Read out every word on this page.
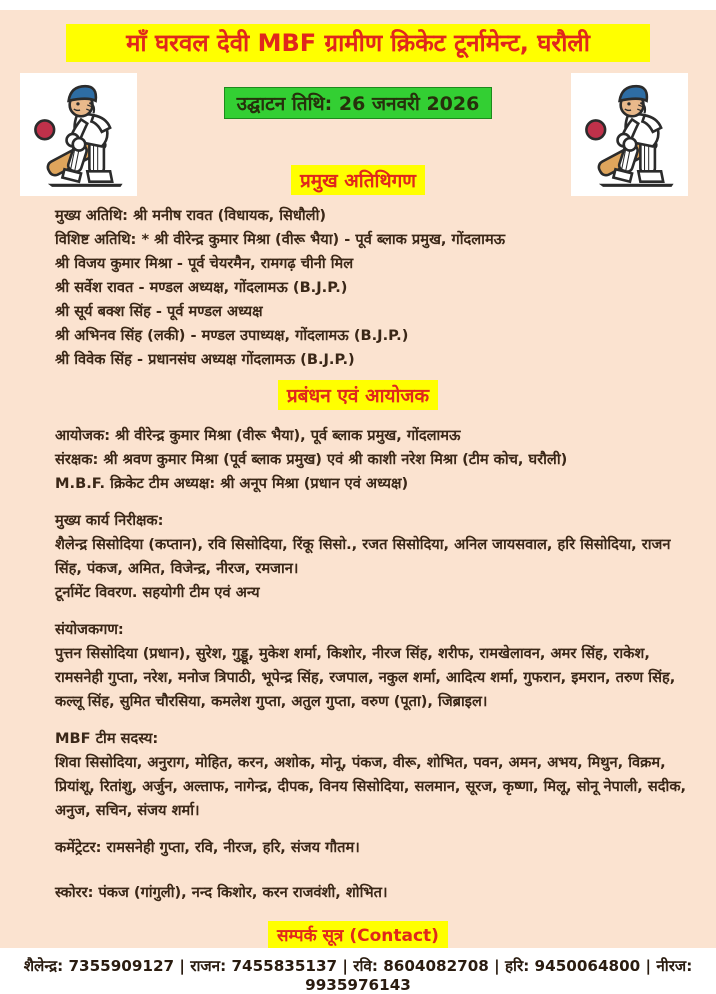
माँ घरवल देवी MBF ग्रामीण क्रिकेट टूर्नामेन्ट, घरौली
उद्घाटन तिथि: 26 जनवरी 2026
प्रमुख अतिथिगण
मुख्य अतिथि: श्री मनीष रावत (विधायक, सिधौली)
विशिष्ट अतिथि: * श्री वीरेन्द्र कुमार मिश्रा (वीरू भैया) - पूर्व ब्लाक प्रमुख, गोंदलामऊ
श्री विजय कुमार मिश्रा - पूर्व चेयरमैन, रामगढ़ चीनी मिल
श्री सर्वेश रावत - मण्डल अध्यक्ष, गोंदलामऊ (B.J.P.)
श्री सूर्य बक्श सिंह - पूर्व मण्डल अध्यक्ष
श्री अभिनव सिंह (लकी) - मण्डल उपाध्यक्ष, गोंदलामऊ (B.J.P.)
श्री विवेक सिंह - प्रधानसंघ अध्यक्ष गोंदलामऊ (B.J.P.)
प्रबंधन एवं आयोजक
आयोजक: श्री वीरेन्द्र कुमार मिश्रा (वीरू भैया), पूर्व ब्लाक प्रमुख, गोंदलामऊ
संरक्षक: श्री श्रवण कुमार मिश्रा (पूर्व ब्लाक प्रमुख) एवं श्री काशी नरेश मिश्रा (टीम कोच, घरौली)
M.B.F. क्रिकेट टीम अध्यक्ष: श्री अनूप मिश्रा (प्रधान एवं अध्यक्ष)
मुख्य कार्य निरीक्षक:
शैलेन्द्र सिसोदिया (कप्तान), रवि सिसोदिया, रिंकू सिसो., रजत सिसोदिया, अनिल जायसवाल, हरि सिसोदिया, राजन सिंह, पंकज, अमित, विजेन्द्र, नीरज, रमजान।
टूर्नामेंट विवरण. सहयोगी टीम एवं अन्य
संयोजकगण:
पुत्तन सिसोदिया (प्रधान), सुरेश, गुड्डू, मुकेश शर्मा, किशोर, नीरज सिंह, शरीफ, रामखेलावन, अमर सिंह, राकेश, रामसनेही गुप्ता, नरेश, मनोज त्रिपाठी, भूपेन्द्र सिंह, रजपाल, नकुल शर्मा, आदित्य शर्मा, गुफरान, इमरान, तरुण सिंह, कल्लू सिंह, सुमित चौरसिया, कमलेश गुप्ता, अतुल गुप्ता, वरुण (पूता), जिब्राइल।
MBF टीम सदस्य:
शिवा सिसोदिया, अनुराग, मोहित, करन, अशोक, मोनू, पंकज, वीरू, शोभित, पवन, अमन, अभय, मिथुन, विक्रम, प्रियांशू, रितांशु, अर्जुन, अल्ताफ, नागेन्द्र, दीपक, विनय सिसोदिया, सलमान, सूरज, कृष्णा, मिलू, सोनू नेपाली, सदीक, अनुज, सचिन, संजय शर्मा।
कमेंट्रेटर: रामसनेही गुप्ता, रवि, नीरज, हरि, संजय गौतम।
स्कोरर: पंकज (गांगुली), नन्द किशोर, करन राजवंशी, शोभित।
सम्पर्क सूत्र (Contact)
शैलेन्द्र: 7355909127 | राजन: 7455835137 | रवि: 8604082708 | हरि: 9450064800 | नीरज: 9935976143
